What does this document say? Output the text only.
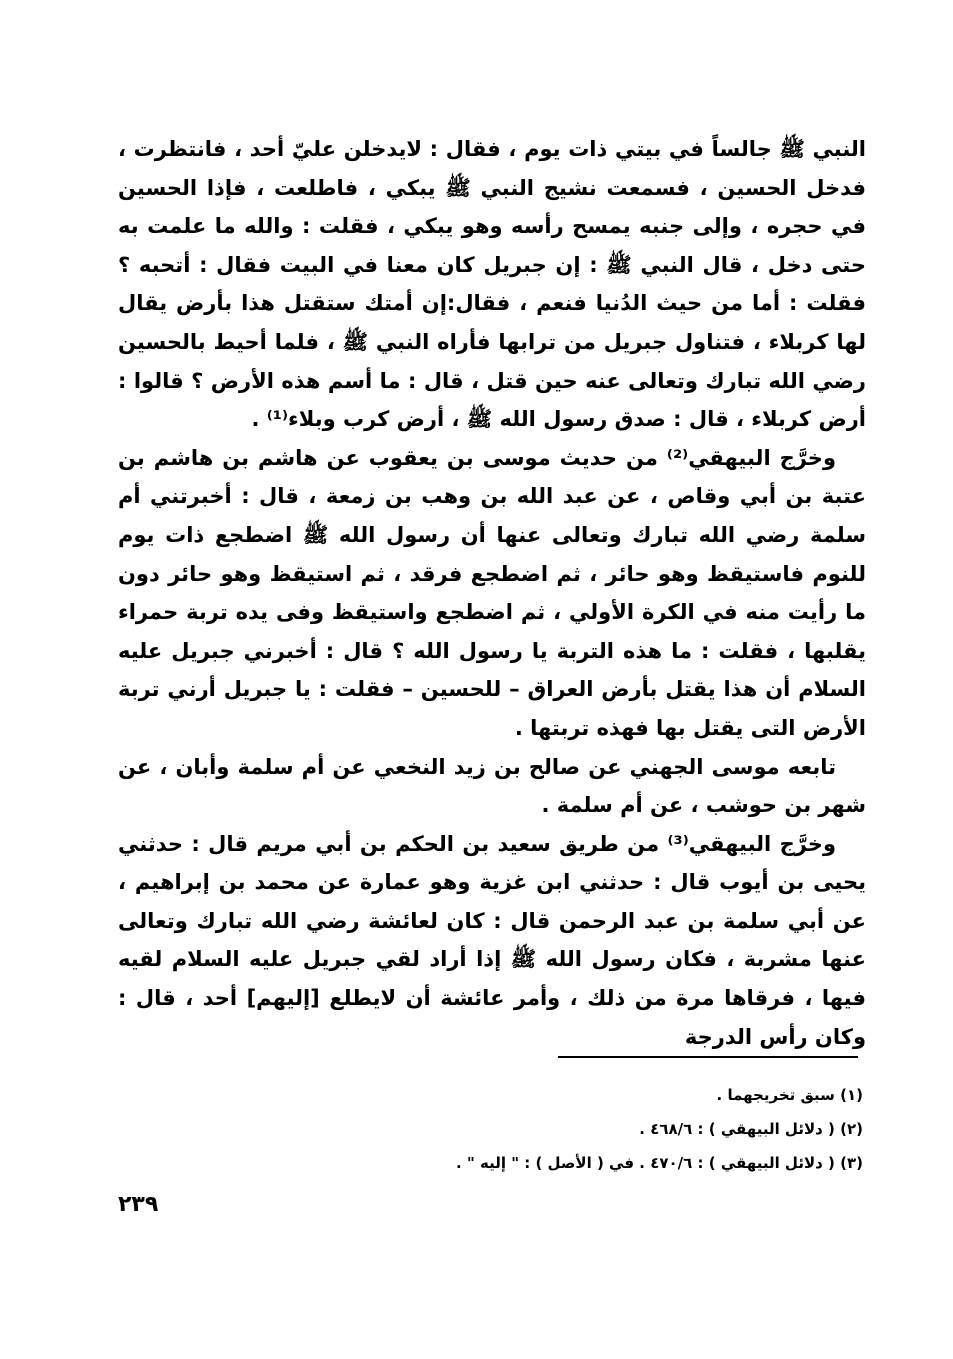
النبي ﷺ جالساً في بيتي ذات يوم ، فقال : لايدخلن عليّ أحد ، فانتظرت ، فدخل الحسين ، فسمعت نشيج النبي ﷺ يبكي ، فاطلعت ، فإذا الحسين في حجره ، وإلى جنبه يمسح رأسه وهو يبكي ، فقلت : والله ما علمت به حتى دخل ، قال النبي ﷺ : إن جبريل كان معنا في البيت فقال : أتحبه ؟ فقلت : أما من حيث الدُنيا فنعم ، فقال:إن أمتك ستقتل هذا بأرض يقال لها كربلاء ، فتناول جبريل من ترابها فأراه النبي ﷺ ، فلما أحيط بالحسين رضي الله تبارك وتعالى عنه حين قتل ، قال : ما أسم هذه الأرض ؟ قالوا : أرض كربلاء ، قال : صدق رسول الله ﷺ ، أرض كرب وبلاء⁽¹⁾ .

وخرَّج البيهقي⁽²⁾ من حديث موسى بن يعقوب عن هاشم بن هاشم بن عتبة بن أبي وقاص ، عن عبد الله بن وهب بن زمعة ، قال : أخبرتني أم سلمة رضي الله تبارك وتعالى عنها أن رسول الله ﷺ اضطجع ذات يوم للنوم فاستيقظ وهو حائر ، ثم اضطجع فرقد ، ثم استيقظ وهو حائر دون ما رأيت منه في الكرة الأولي ، ثم اضطجع واستيقظ وفى يده تربة حمراء يقلبها ، فقلت : ما هذه التربة يا رسول الله ؟ قال : أخبرني جبريل عليه السلام أن هذا يقتل بأرض العراق – للحسين – فقلت : يا جبريل أرني تربة الأرض التى يقتل بها فهذه تربتها .

تابعه موسى الجهني عن صالح بن زيد النخعي عن أم سلمة وأبان ، عن شهر بن حوشب ، عن أم سلمة .

وخرَّج البيهقي⁽³⁾ من طريق سعيد بن الحكم بن أبي مريم قال : حدثني يحيى بن أيوب قال : حدثني ابن غزية وهو عمارة عن محمد بن إبراهيم ، عن أبي سلمة بن عبد الرحمن قال : كان لعائشة رضي الله تبارك وتعالى عنها مشربة ، فكان رسول الله ﷺ إذا أراد لقي جبريل عليه السلام لقيه فيها ، فرقاها مرة من ذلك ، وأمر عائشة أن لايطلع [إليهم] أحد ، قال : وكان رأس الدرجة

(١) سبق تخريجهما .
(٢) ( دلائل البيهقي ) : ٤٦٨/٦ .
(٣) ( دلائل البيهقي ) : ٤٧٠/٦ . في ( الأصل ) : " إليه " .
٢٣٩
